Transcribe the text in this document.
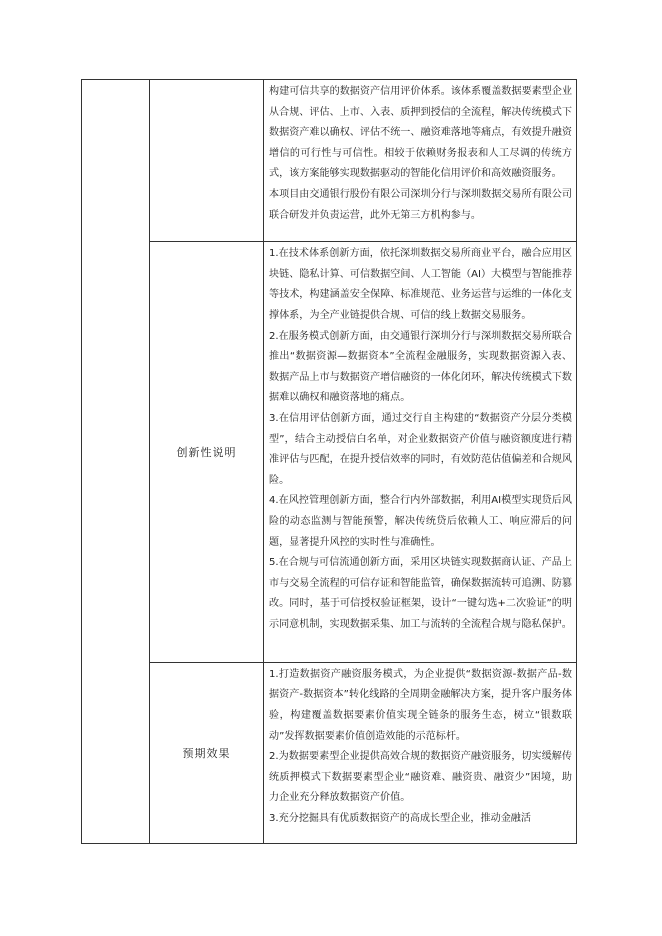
		构建可信共享的数据资产信用评价体系。该体系覆盖数据要素型企业从合规、评估、上市、入表、质押到授信的全流程，解决传统模式下数据资产难以确权、评估不统一、融资难落地等痛点，有效提升融资增信的可行性与可信性。相较于依赖财务报表和人工尽调的传统方式，该方案能够实现数据驱动的智能化信用评价和高效融资服务。

本项目由交通银行股份有限公司深圳分行与深圳数据交易所有限公司联合研发并负责运营，此外无第三方机构参与。

	创新性说明	1.在技术体系创新方面，依托深圳数据交易所商业平台，融合应用区块链、隐私计算、可信数据空间、人工智能（AI）大模型与智能推荐等技术，构建涵盖安全保障、标准规范、业务运营与运维的一体化支撑体系，为全产业链提供合规、可信的线上数据交易服务。

2.在服务模式创新方面，由交通银行深圳分行与深圳数据交易所联合推出“数据资源—数据资本”全流程金融服务，实现数据资源入表、数据产品上市与数据资产增信融资的一体化闭环，解决传统模式下数据难以确权和融资落地的痛点。

3.在信用评估创新方面，通过交行自主构建的“数据资产分层分类模型”，结合主动授信白名单，对企业数据资产价值与融资额度进行精准评估与匹配，在提升授信效率的同时，有效防范估值偏差和合规风险。

4.在风控管理创新方面，整合行内外部数据，利用AI模型实现贷后风险的动态监测与智能预警，解决传统贷后依赖人工、响应滞后的问题，显著提升风控的实时性与准确性。

5.在合规与可信流通创新方面，采用区块链实现数据商认证、产品上市与交易全流程的可信存证和智能监管，确保数据流转可追溯、防篡改。同时，基于可信授权验证框架，设计“一键勾选+二次验证”的明示同意机制，实现数据采集、加工与流转的全流程合规与隐私保护。

	预期效果	1.打造数据资产融资服务模式，为企业提供“数据资源-数据产品-数据资产-数据资本”转化线路的全周期金融解决方案，提升客户服务体验，构建覆盖数据要素价值实现全链条的服务生态，树立“银数联动”发挥数据要素价值创造效能的示范标杆。

2.为数据要素型企业提供高效合规的数据资产融资服务，切实缓解传统质押模式下数据要素型企业“融资难、融资贵、融资少”困境，助力企业充分释放数据资产价值。

3.充分挖掘具有优质数据资产的高成长型企业，推动金融活
